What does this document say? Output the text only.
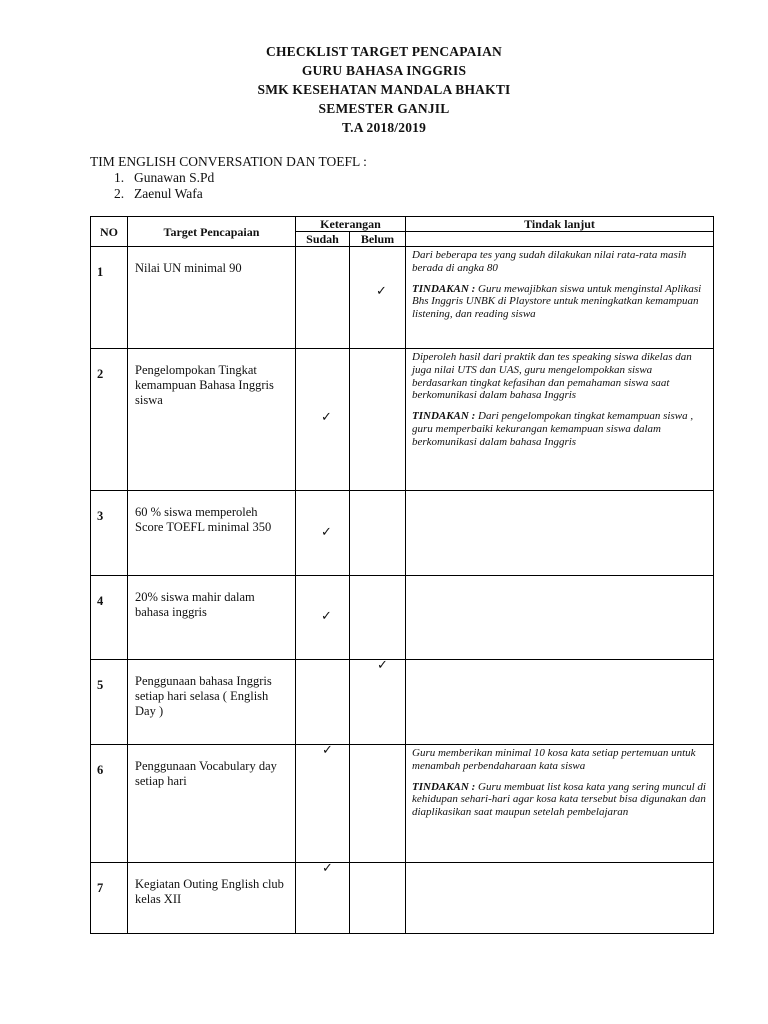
CHECKLIST TARGET PENCAPAIAN
GURU BAHASA INGGRIS
SMK KESEHATAN MANDALA BHAKTI
SEMESTER GANJIL
T.A 2018/2019
TIM ENGLISH CONVERSATION DAN TOEFL :
1. Gunawan S.Pd
2. Zaenul Wafa
NO	Target Pencapaian	Keterangan		Tindak lanjut
		Sudah	Belum	
1	Nilai UN minimal 90		✓	Dari beberapa tes yang sudah dilakukan nilai rata-rata masih berada di angka 80

TINDAKAN : Guru mewajibkan siswa untuk menginstal Aplikasi Bhs Inggris UNBK di Playstore untuk meningkatkan kemampuan listening, dan reading siswa

2	Pengelompokan Tingkat kemampuan Bahasa Inggris siswa	✓		Diperoleh hasil dari praktik dan tes speaking siswa dikelas dan juga nilai UTS dan UAS, guru mengelompokkan siswa berdasarkan tingkat kefasihan dan pemahaman siswa saat berkomunikasi dalam bahasa Inggris

TINDAKAN : Dari pengelompokan tingkat kemampuan siswa , guru memperbaiki kekurangan kemampuan siswa dalam berkomunikasi dalam bahasa Inggris

3	60 % siswa memperoleh Score TOEFL minimal 350	✓		

4	20% siswa mahir dalam bahasa inggris	✓		

5	Penggunaan bahasa Inggris setiap hari selasa ( English Day )		✓	

6	Penggunaan Vocabulary day setiap hari	✓		Guru memberikan minimal 10 kosa kata setiap pertemuan untuk menambah perbendaharaan kata siswa

TINDAKAN : Guru membuat list kosa kata yang sering muncul di kehidupan sehari-hari agar kosa kata tersebut bisa digunakan dan diaplikasikan saat maupun setelah pembelajaran

7	Kegiatan Outing English club kelas XII	✓		
